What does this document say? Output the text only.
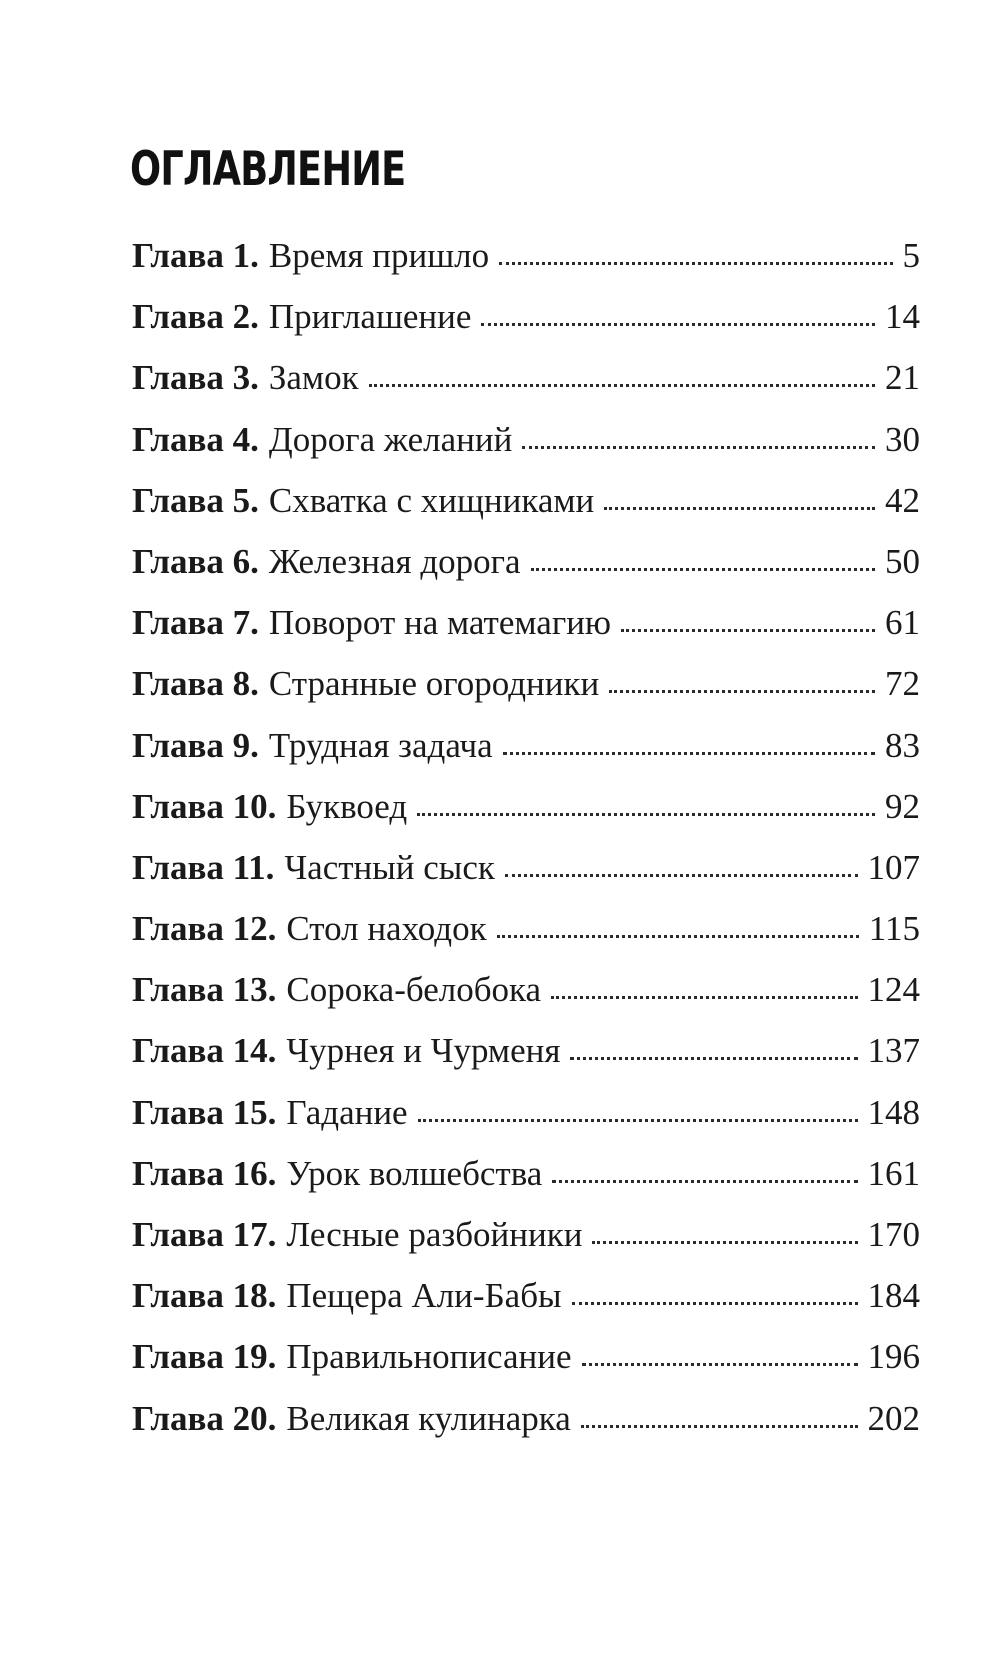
ОГЛАВЛЕНИЕ
Глава 1. Время пришло	5
Глава 2. Приглашение	14
Глава 3. Замок	21
Глава 4. Дорога желаний	30
Глава 5. Схватка с хищниками	42
Глава 6. Железная дорога	50
Глава 7. Поворот на матемагию	61
Глава 8. Странные огородники	72
Глава 9. Трудная задача	83
Глава 10. Буквоед	92
Глава 11. Частный сыск	107
Глава 12. Стол находок	115
Глава 13. Сорока-белобока	124
Глава 14. Чурнея и Чурменя	137
Глава 15. Гадание	148
Глава 16. Урок волшебства	161
Глава 17. Лесные разбойники	170
Глава 18. Пещера Али-Бабы	184
Глава 19. Правильнописание	196
Глава 20. Великая кулинарка	202
